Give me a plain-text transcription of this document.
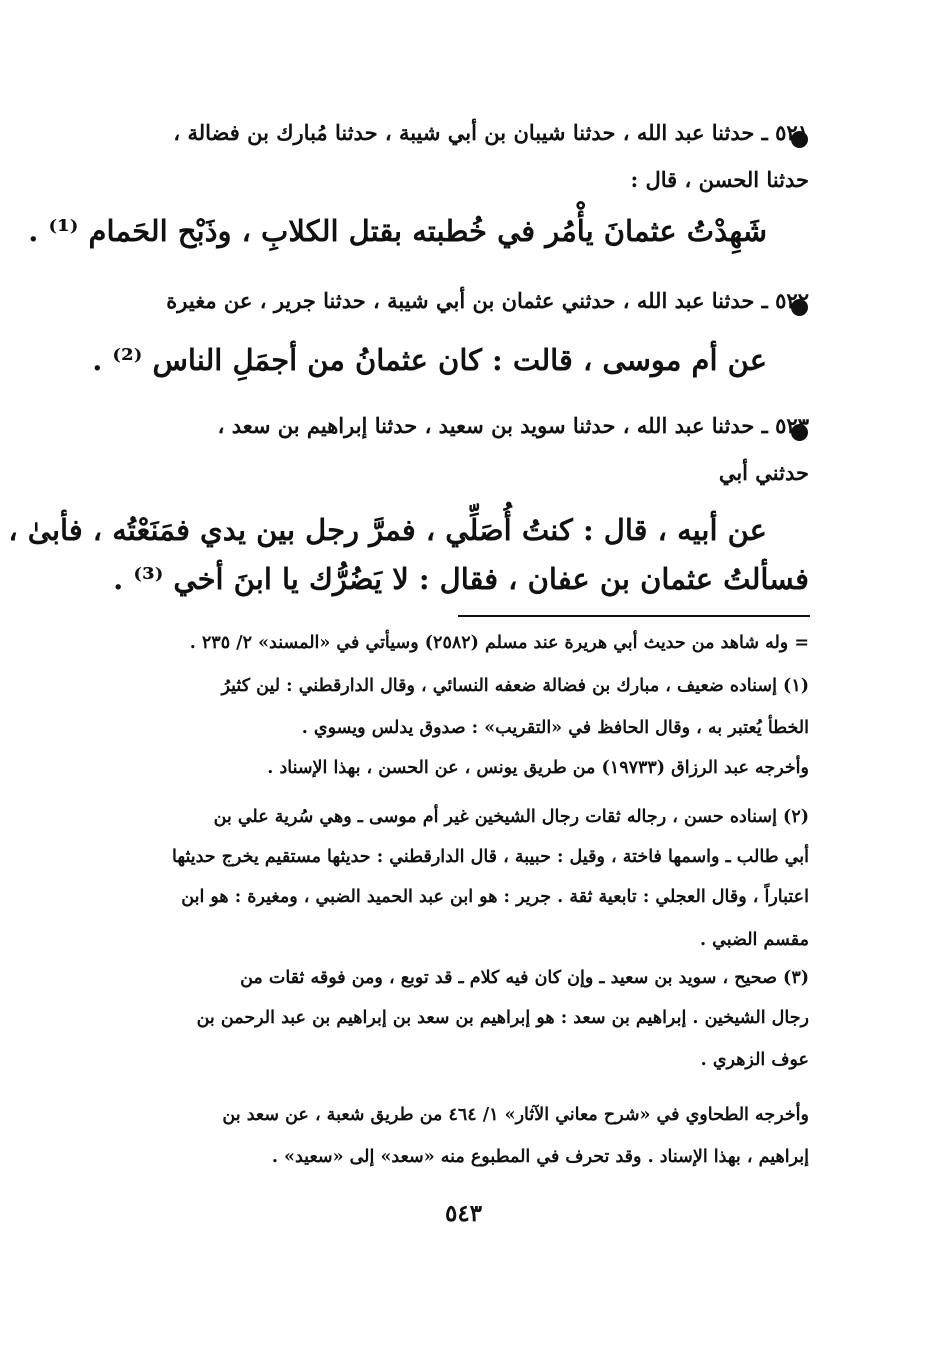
٥٢١ ـ حدثنا عبد الله ، حدثنا شيبان بن أبي شيبة ، حدثنا مُبارك بن فضالة ،
حدثنا الحسن ، قال :
شَهِدْتُ عثمانَ يأْمُر في خُطبته بقتل الكلابِ ، وذَبْح الحَمام ⁽¹⁾ .
٥٢٢ ـ حدثنا عبد الله ، حدثني عثمان بن أبي شيبة ، حدثنا جرير ، عن مغيرة
عن أم موسى ، قالت : كان عثمانُ من أجمَلِ الناس ⁽²⁾ .
٥٢٣ ـ حدثنا عبد الله ، حدثنا سويد بن سعيد ، حدثنا إبراهيم بن سعد ،
حدثني أبي
عن أبيه ، قال : كنتُ أُصَلِّي ، فمرَّ رجل بين يدي فمَنَعْتُه ، فأبىٰ ،
فسألتُ عثمان بن عفان ، فقال : لا يَضُرُّك يا ابنَ أخي ⁽³⁾ .
= وله شاهد من حديث أبي هريرة عند مسلم (٢٥٨٢) وسيأتي في «المسند» ٢/ ٢٣٥ .
(١) إسناده ضعيف ، مبارك بن فضالة ضعفه النسائي ، وقال الدارقطني : لين كثيرُ
الخطأ يُعتبر به ، وقال الحافظ في «التقريب» : صدوق يدلس ويسوي .
وأخرجه عبد الرزاق (١٩٧٣٣) من طريق يونس ، عن الحسن ، بهذا الإسناد .
(٢) إسناده حسن ، رجاله ثقات رجال الشيخين غير أم موسى ـ وهي سُرية علي بن
أبي طالب ـ واسمها فاختة ، وقيل : حبيبة ، قال الدارقطني : حديثها مستقيم يخرج حديثها
اعتباراً ، وقال العجلي : تابعية ثقة . جرير : هو ابن عبد الحميد الضبي ، ومغيرة : هو ابن
مقسم الضبي .
(٣) صحيح ، سويد بن سعيد ـ وإن كان فيه كلام ـ قد توبع ، ومن فوقه ثقات من
رجال الشيخين . إبراهيم بن سعد : هو إبراهيم بن سعد بن إبراهيم بن عبد الرحمن بن
عوف الزهري .
وأخرجه الطحاوي في «شرح معاني الآثار» ١/ ٤٦٤ من طريق شعبة ، عن سعد بن
إبراهيم ، بهذا الإسناد . وقد تحرف في المطبوع منه «سعد» إلى «سعيد» .
٥٤٣
